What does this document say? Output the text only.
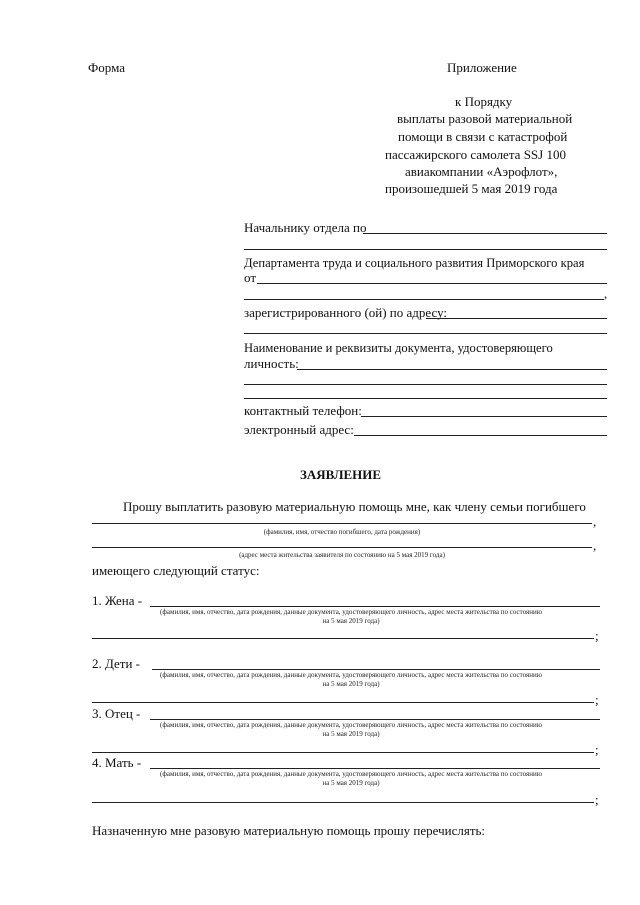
Форма	Приложение
к Порядку
выплаты разовой материальной
помощи в связи с катастрофой
пассажирского самолета SSJ 100
авиакомпании «Аэрофлот»,
произошедшей 5 мая 2019 года
Начальнику отдела по
Департамента труда и социального развития Приморского края
от
,
зарегистрированного (ой) по адресу:
Наименование и реквизиты документа, удостоверяющего
личность:
контактный телефон:
электронный адрес:
ЗАЯВЛЕНИЕ
Прошу выплатить разовую материальную помощь мне, как члену семьи погибшего
,
(фамилия, имя, отчество погибшего, дата рождения)
,
(адрес места жительства заявителя по состоянию на 5 мая 2019 года)
имеющего следующий статус:
1. Жена -
(фамилия, имя, отчество, дата рождения, данные документа, удостоверяющего личность, адрес места жительства по состоянию
на 5 мая 2019 года)
;
2. Дети -
(фамилия, имя, отчество, дата рождения, данные документа, удостоверяющего личность, адрес места жительства по состоянию
на 5 мая 2019 года)
;
3. Отец -
(фамилия, имя, отчество, дата рождения, данные документа, удостоверяющего личность, адрес места жительства по состоянию
на 5 мая 2019 года)
;
4. Мать -
(фамилия, имя, отчество, дата рождения, данные документа, удостоверяющего личность, адрес места жительства по состоянию
на 5 мая 2019 года)
;
Назначенную мне разовую материальную помощь прошу перечислять:
